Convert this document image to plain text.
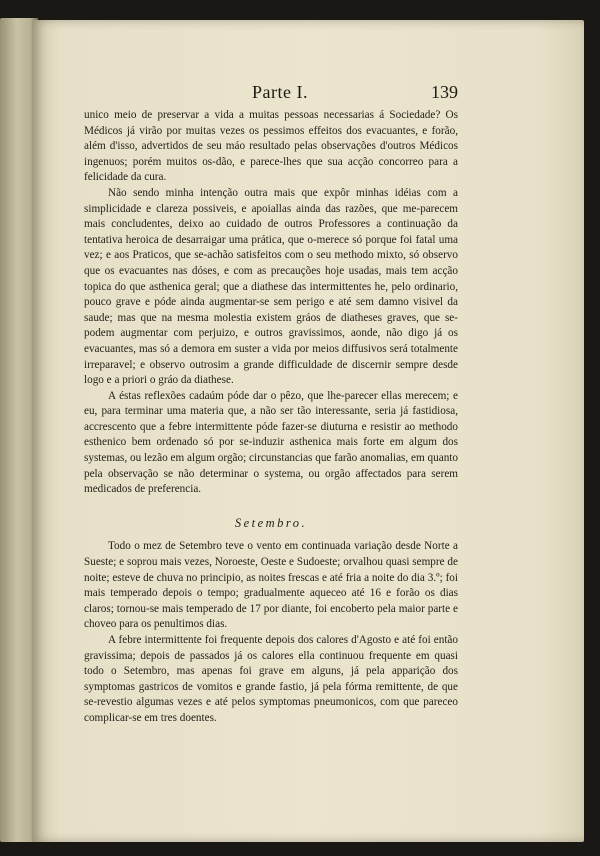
Parte I.	139

unico meio de preservar a vida a muitas pessoas necessarias á Sociedade? Os Médicos já virão por muitas vezes os pessimos effeitos dos evacuantes, e forão, além d'isso, advertidos de seu máo resultado pelas observações d'outros Médicos ingenuos; porém muitos os-dão, e parece-lhes que sua acção concorreo para a felicidade da cura.

Não sendo minha intenção outra mais que expôr minhas idéias com a simplicidade e clareza possiveis, e apoiallas ainda das razões, que me-parecem mais concludentes, deixo ao cuidado de outros Professores a continuação da tentativa heroica de desarraigar uma prática, que o-merece só porque foi fatal uma vez; e aos Praticos, que se-achão satisfeitos com o seu methodo mixto, só observo que os evacuantes nas dóses, e com as precauções hoje usadas, mais tem acção topica do que asthenica geral; que a diathese das intermittentes he, pelo ordinario, pouco grave e póde ainda augmentar-se sem perigo e até sem damno visivel da saude; mas que na mesma molestia existem gráos de diatheses graves, que se-podem augmentar com perjuizo, e outros gravissimos, aonde, não digo já os evacuantes, mas só a demora em suster a vida por meios diffusivos será totalmente irreparavel; e observo outrosim a grande difficuldade de discernir sempre desde logo e a priori o gráo da diathese.

A éstas reflexões cadaúm póde dar o pêzo, que lhe-parecer ellas merecem; e eu, para terminar uma materia que, a não ser tão interessante, seria já fastidiosa, accrescento que a febre intermittente póde fazer-se diuturna e resistir ao methodo esthenico bem ordenado só por se-induzir asthenica mais forte em algum dos systemas, ou lezão em algum orgão; circunstancias que farão anomalias, em quanto pela observação se não determinar o systema, ou orgão affectados para serem medicados de preferencia.

Setembro.

Todo o mez de Setembro teve o vento em continuada variação desde Norte a Sueste; e soprou mais vezes, Noroeste, Oeste e Sudoeste; orvalhou quasi sempre de noite; esteve de chuva no principio, as noites frescas e até fria a noite do dia 3.º; foi mais temperado depois o tempo; gradualmente aqueceo até 16 e forão os dias claros; tornou-se mais temperado de 17 por diante, foi encoberto pela maior parte e choveo para os penultimos dias.

A febre intermittente foi frequente depois dos calores d'Agosto e até foi então gravissima; depois de passados já os calores ella continuou frequente em quasi todo o Setembro, mas apenas foi grave em alguns, já pela apparição dos symptomas gastricos de vomitos e grande fastio, já pela fórma remittente, de que se-revestio algumas vezes e até pelos symptomas pneumonicos, com que pareceo complicar-se em tres doentes.
